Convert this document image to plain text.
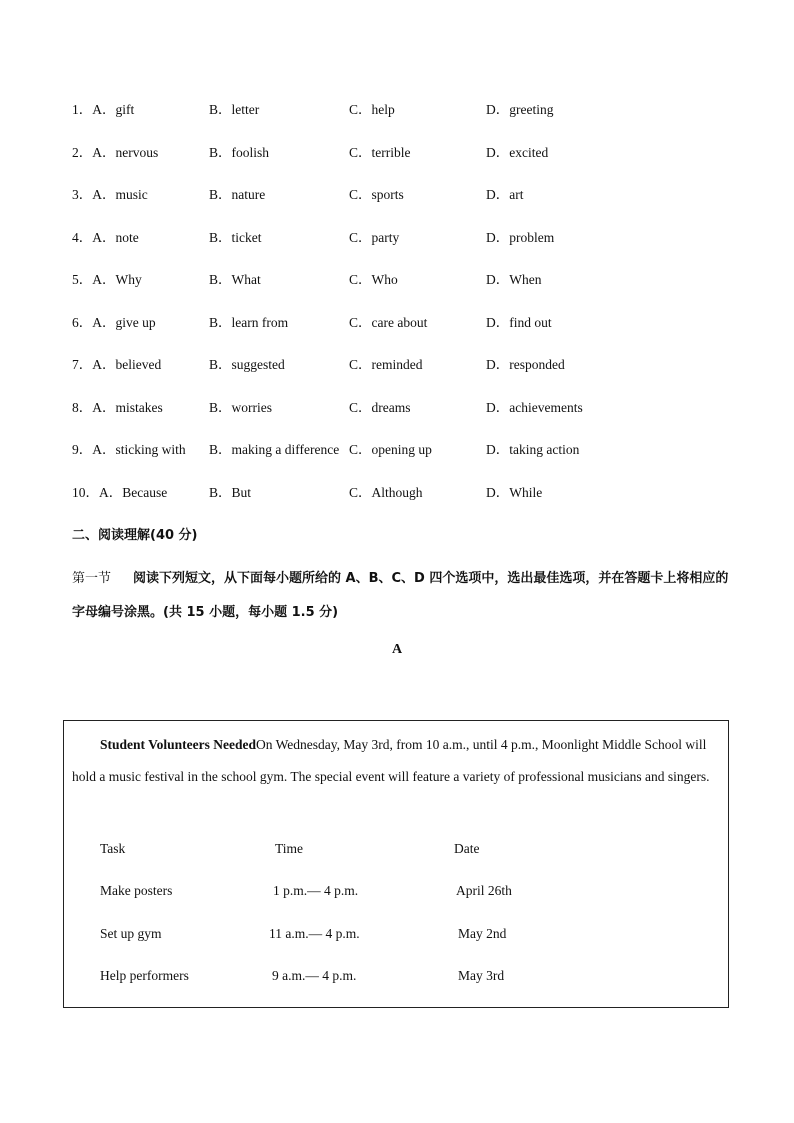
1．A．gift	B．letter	C．help	D．greeting
2．A．nervous	B．foolish	C．terrible	D．excited
3．A．music	B．nature	C．sports	D．art
4．A．note	B．ticket	C．party	D．problem
5．A．Why	B．What	C．Who	D．When
6．A．give up	B．learn from	C．care about	D．find out
7．A．believed	B．suggested	C．reminded	D．responded
8．A．mistakes	B．worries	C．dreams	D．achievements
9．A．sticking with B．making a difference C．opening up	D．taking action
10．A．Because	B．But	C．Although	D．While
二、阅读理解(40 分)
第一节 阅读下列短文，从下面每小题所给的 A、B、C、D 四个选项中，选出最佳选项，并在答题卡上将相应的字母编号涂黑。(共 15 小题，每小题 1.5 分)
A
Student Volunteers NeededOn Wednesday, May 3rd, from 10 a.m., until 4 p.m., Moonlight Middle School will hold a music festival in the school gym. The special event will feature a variety of professional musicians and singers.
Task	Time	Date
Make posters	1 p.m.— 4 p.m.	April 26th
Set up gym	11 a.m.— 4 p.m.	May 2nd
Help performers	9 a.m.— 4 p.m.	May 3rd
